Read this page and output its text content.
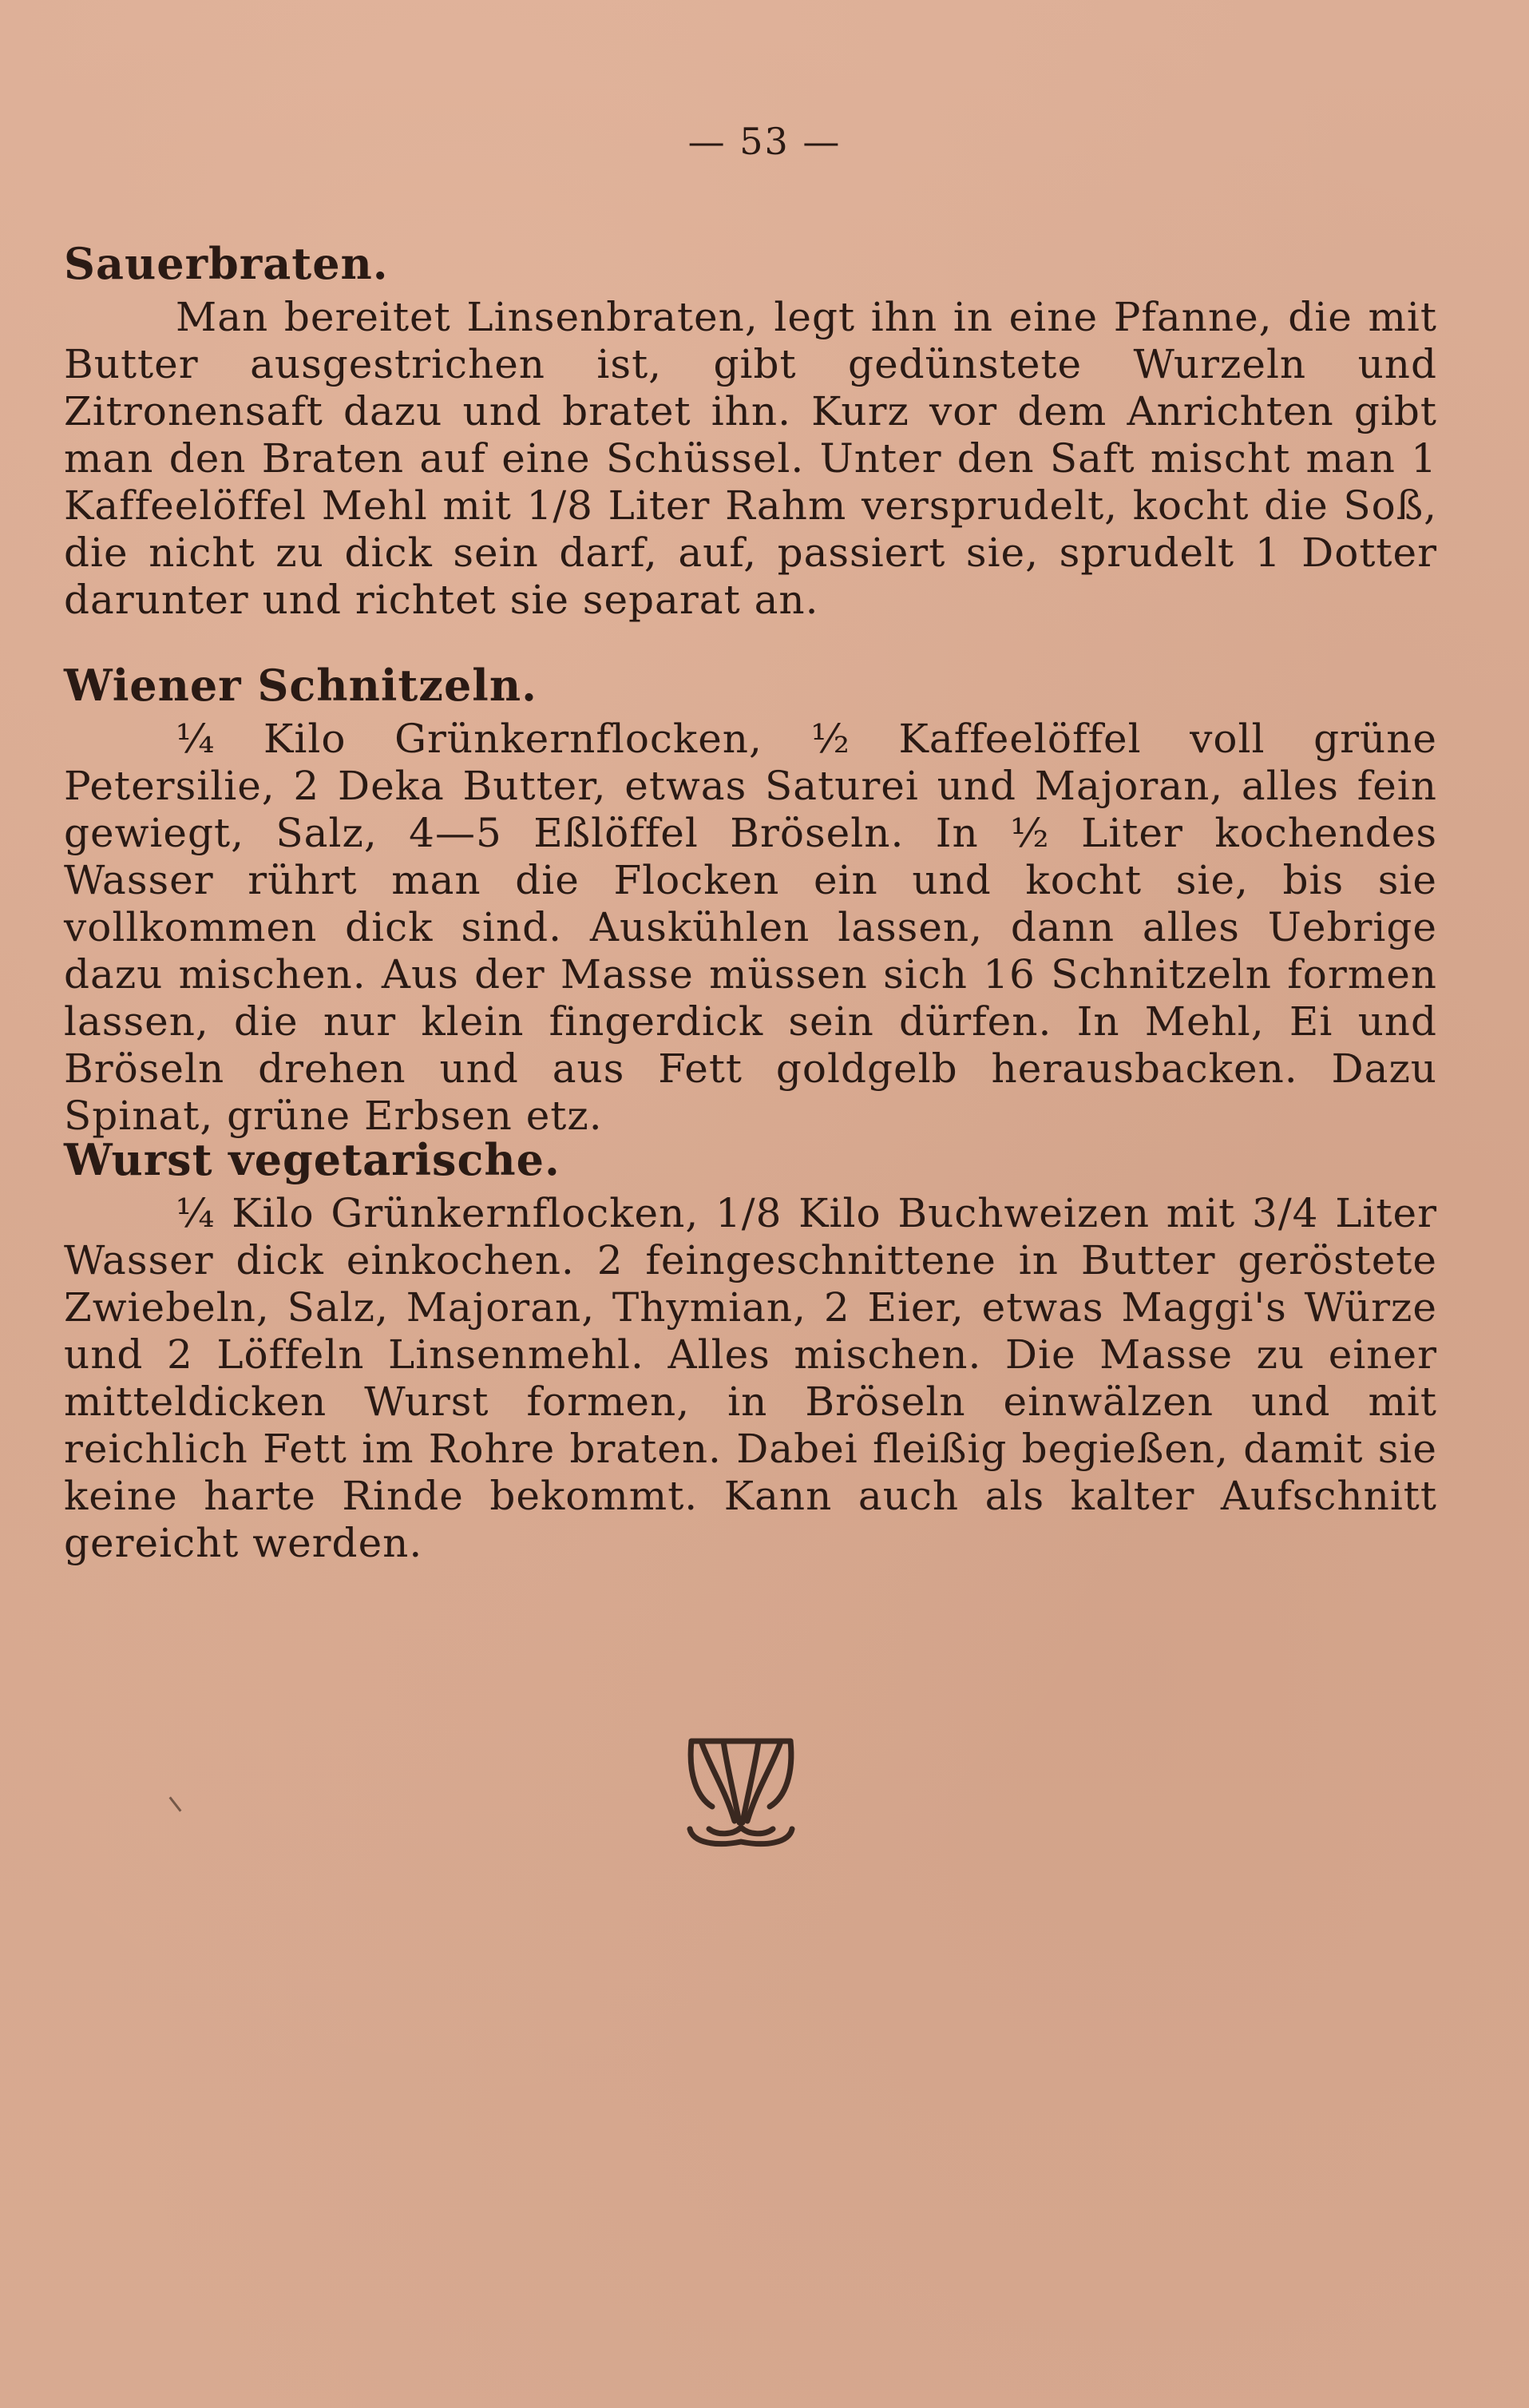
— 53 —
Sauerbraten.

Man bereitet Linsenbraten, legt ihn in eine Pfanne, die mit Butter ausgestrichen ist, gibt gedünstete Wurzeln und Zitronensaft dazu und bratet ihn. Kurz vor dem Anrichten gibt man den Braten auf eine Schüssel. Unter den Saft mischt man 1 Kaffeelöffel Mehl mit 1/8 Liter Rahm versprudelt, kocht die Soß, die nicht zu dick sein darf, auf, passiert sie, sprudelt 1 Dotter darunter und richtet sie separat an.

Wiener Schnitzeln.

¼ Kilo Grünkernflocken, ½ Kaffeelöffel voll grüne Petersilie, 2 Deka Butter, etwas Saturei und Majoran, alles fein gewiegt, Salz, 4—5 Eßlöffel Bröseln. In ½ Liter kochendes Wasser rührt man die Flocken ein und kocht sie, bis sie vollkommen dick sind. Auskühlen lassen, dann alles Uebrige dazu mischen. Aus der Masse müssen sich 16 Schnitzeln formen lassen, die nur klein fingerdick sein dürfen. In Mehl, Ei und Bröseln drehen und aus Fett goldgelb herausbacken. Dazu Spinat, grüne Erbsen etz.

Wurst vegetarische.

¼ Kilo Grünkernflocken, 1/8 Kilo Buchweizen mit 3/4 Liter Wasser dick einkochen. 2 feingeschnittene in Butter geröstete Zwiebeln, Salz, Majoran, Thymian, 2 Eier, etwas Maggi's Würze und 2 Löffeln Linsenmehl. Alles mischen. Die Masse zu einer mitteldicken Wurst formen, in Bröseln einwälzen und mit reichlich Fett im Rohre braten. Dabei fleißig begießen, damit sie keine harte Rinde bekommt. Kann auch als kalter Aufschnitt gereicht werden.
